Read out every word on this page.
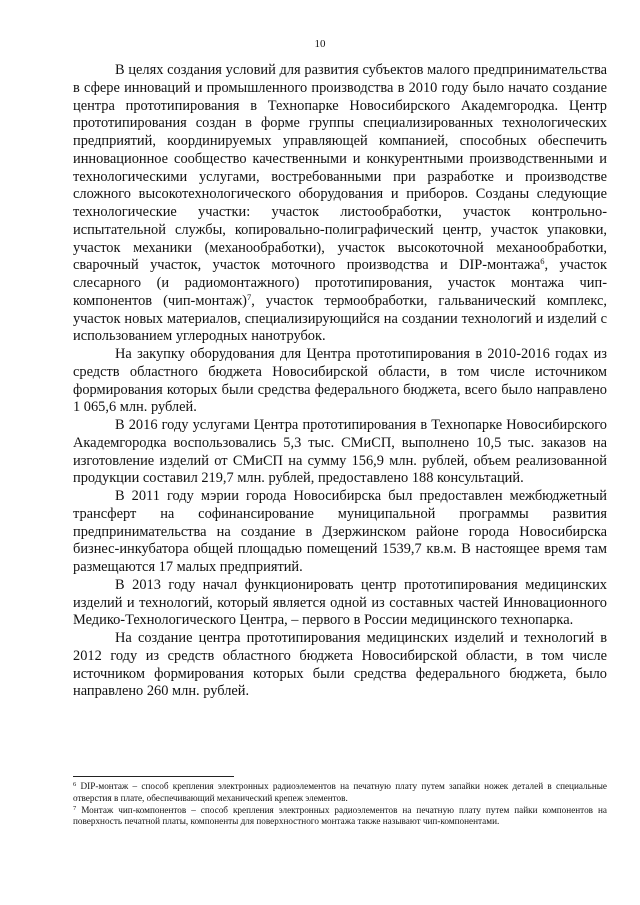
10

В целях создания условий для развития субъектов малого предпринимательства в сфере инноваций и промышленного производства в 2010 году было начато создание центра прототипирования в Технопарке Новосибирского Академгородка. Центр прототипирования создан в форме группы специализированных технологических предприятий, координируемых управляющей компанией, способных обеспечить инновационное сообщество качественными и конкурентными производственными и технологическими услугами, востребованными при разработке и производстве сложного высокотехнологического оборудования и приборов. Созданы следующие технологические участки: участок листообработки, участок контрольно-испытательной службы, копировально-полиграфический центр, участок упаковки, участок механики (механообработки), участок высокоточной механообработки, сварочный участок, участок моточного производства и DIP-монтажа$^6$, участок слесарного (и радиомонтажного) прототипирования, участок монтажа чип-компонентов (чип-монтаж)$^7$, участок термообработки, гальванический комплекс, участок новых материалов, специализирующийся на создании технологий и изделий с использованием углеродных нанотрубок.

На закупку оборудования для Центра прототипирования в 2010-2016 годах из средств областного бюджета Новосибирской области, в том числе источником формирования которых были средства федерального бюджета, всего было направлено 1 065,6 млн. рублей.

В 2016 году услугами Центра прототипирования в Технопарке Новосибирского Академгородка воспользовались 5,3 тыс. СМиСП, выполнено 10,5 тыс. заказов на изготовление изделий от СМиСП на сумму 156,9 млн. рублей, объем реализованной продукции составил 219,7 млн. рублей, предоставлено 188 консультаций.

В 2011 году мэрии города Новосибирска был предоставлен межбюджетный трансферт на софинансирование муниципальной программы развития предпринимательства на создание в Дзержинском районе города Новосибирска бизнес-инкубатора общей площадью помещений 1539,7 кв.м. В настоящее время там размещаются 17 малых предприятий.

В 2013 году начал функционировать центр прототипирования медицинских изделий и технологий, который является одной из составных частей Инновационного Медико-Технологического Центра, – первого в России медицинского технопарка.

На создание центра прототипирования медицинских изделий и технологий в 2012 году из средств областного бюджета Новосибирской области, в том числе источником формирования которых были средства федерального бюджета, было направлено 260 млн. рублей.

$^6$ DIP-монтаж – способ крепления электронных радиоэлементов на печатную плату путем запайки ножек деталей в специальные отверстия в плате, обеспечивающий механический крепеж элементов.

$^7$ Монтаж чип-компонентов – способ крепления электронных радиоэлементов на печатную плату путем пайки компонентов на поверхность печатной платы, компоненты для поверхностного монтажа также называют чип-компонентами.
